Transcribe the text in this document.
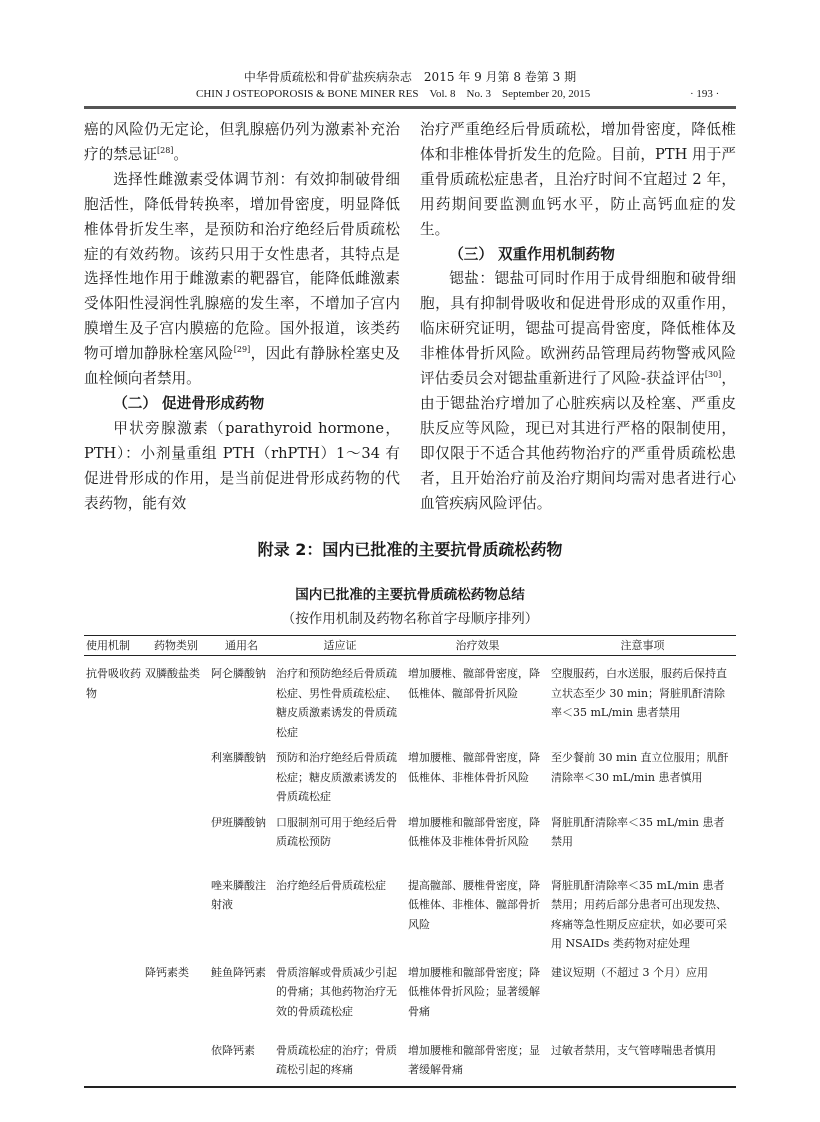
中华骨质疏松和骨矿盐疾病杂志　2015 年 9 月第 8 卷第 3 期
CHIN J OSTEOPOROSIS & BONE MINER RES　Vol. 8　No. 3　September 20, 2015	· 193 ·

癌的风险仍无定论，但乳腺癌仍列为激素补充治疗的禁忌证[28]。

选择性雌激素受体调节剂：有效抑制破骨细胞活性，降低骨转换率，增加骨密度，明显降低椎体骨折发生率，是预防和治疗绝经后骨质疏松症的有效药物。该药只用于女性患者，其特点是选择性地作用于雌激素的靶器官，能降低雌激素受体阳性浸润性乳腺癌的发生率，不增加子宫内膜增生及子宫内膜癌的危险。国外报道，该类药物可增加静脉栓塞风险[29]，因此有静脉栓塞史及血栓倾向者禁用。

（二） 促进骨形成药物

甲状旁腺激素（parathyroid hormone，PTH）：小剂量重组 PTH（rhPTH）1～34 有促进骨形成的作用，是当前促进骨形成药物的代表药物，能有效

治疗严重绝经后骨质疏松，增加骨密度，降低椎体和非椎体骨折发生的危险。目前，PTH 用于严重骨质疏松症患者，且治疗时间不宜超过 2 年，用药期间要监测血钙水平，防止高钙血症的发生。

（三） 双重作用机制药物

锶盐：锶盐可同时作用于成骨细胞和破骨细胞，具有抑制骨吸收和促进骨形成的双重作用，临床研究证明，锶盐可提高骨密度，降低椎体及非椎体骨折风险。欧洲药品管理局药物警戒风险评估委员会对锶盐重新进行了风险-获益评估[30]，由于锶盐治疗增加了心脏疾病以及栓塞、严重皮肤反应等风险，现已对其进行严格的限制使用，即仅限于不适合其他药物治疗的严重骨质疏松患者，且开始治疗前及治疗期间均需对患者进行心血管疾病风险评估。

附录 2：国内已批准的主要抗骨质疏松药物
国内已批准的主要抗骨质疏松药物总结
（按作用机制及药物名称首字母顺序排列）
使用机制	药物类别	通用名	适应证	治疗效果	注意事项
抗骨吸收药物	双膦酸盐类	阿仑膦酸钠	治疗和预防绝经后骨质疏松症、男性骨质疏松症、糖皮质激素诱发的骨质疏松症	增加腰椎、髋部骨密度，降低椎体、髋部骨折风险	空腹服药，白水送服，服药后保持直立状态至少 30 min；肾脏肌酐清除率＜35 mL/min 患者禁用
		利塞膦酸钠	预防和治疗绝经后骨质疏松症；糖皮质激素诱发的骨质疏松症	增加腰椎、髋部骨密度，降低椎体、非椎体骨折风险	至少餐前 30 min 直立位服用；肌酐清除率＜30 mL/min 患者慎用
		伊班膦酸钠	口服制剂可用于绝经后骨质疏松预防	增加腰椎和髋部骨密度，降低椎体及非椎体骨折风险	肾脏肌酐清除率＜35 mL/min 患者禁用
		唑来膦酸注射液	治疗绝经后骨质疏松症	提高髋部、腰椎骨密度，降低椎体、非椎体、髋部骨折风险	肾脏肌酐清除率＜35 mL/min 患者禁用；用药后部分患者可出现发热、疼痛等急性期反应症状，如必要可采用 NSAIDs 类药物对症处理
	降钙素类	鲑鱼降钙素	骨质溶解或骨质减少引起的骨痛；其他药物治疗无效的骨质疏松症	增加腰椎和髋部骨密度；降低椎体骨折风险；显著缓解骨痛	建议短期（不超过 3 个月）应用
		依降钙素	骨质疏松症的治疗；骨质疏松引起的疼痛	增加腰椎和髋部骨密度；显著缓解骨痛	过敏者禁用，支气管哮喘患者慎用
